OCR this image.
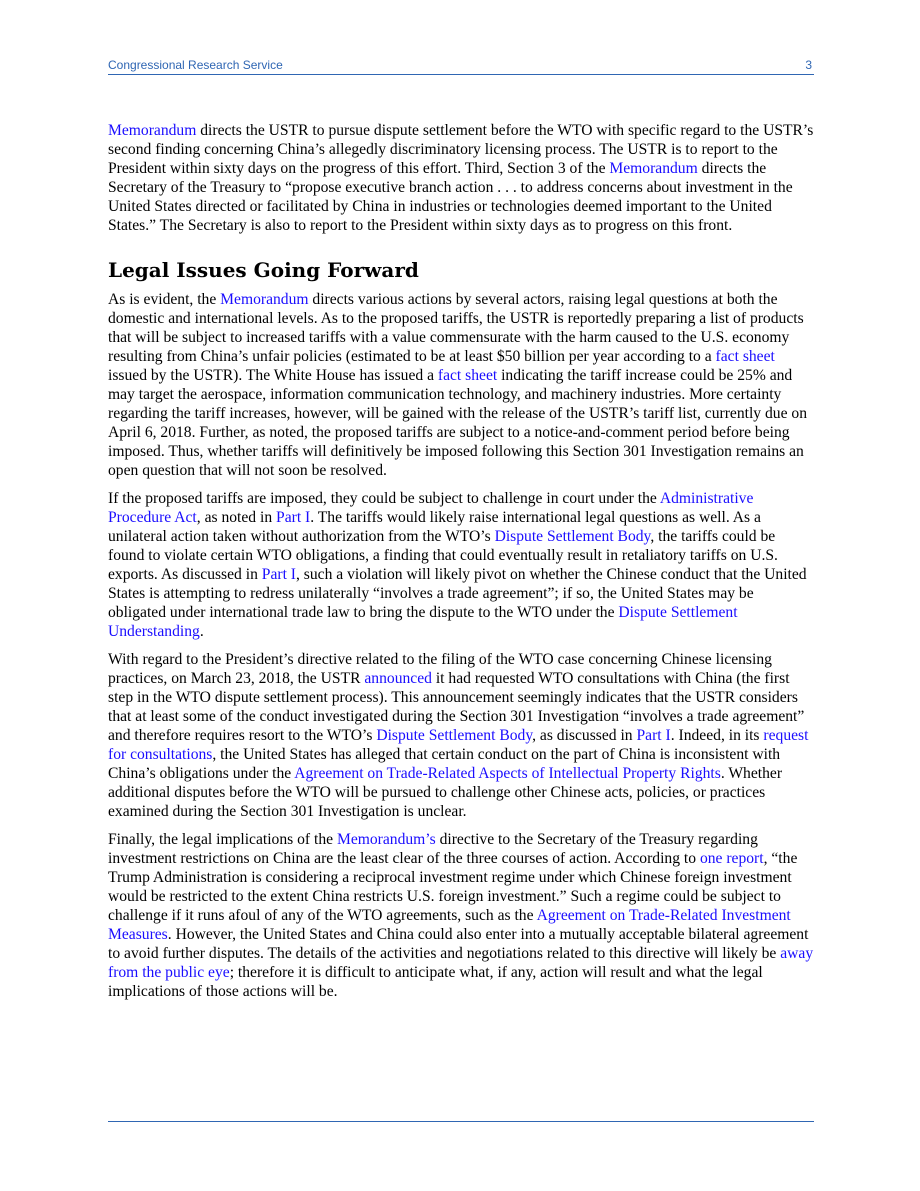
Congressional Research Service	3

Memorandum directs the USTR to pursue dispute settlement before the WTO with specific regard to the USTR’s second finding concerning China’s allegedly discriminatory licensing process. The USTR is to report to the President within sixty days on the progress of this effort. Third, Section 3 of the Memorandum directs the Secretary of the Treasury to “propose executive branch action . . . to address concerns about investment in the United States directed or facilitated by China in industries or technologies deemed important to the United States.” The Secretary is also to report to the President within sixty days as to progress on this front.

Legal Issues Going Forward

As is evident, the Memorandum directs various actions by several actors, raising legal questions at both the domestic and international levels. As to the proposed tariffs, the USTR is reportedly preparing a list of products that will be subject to increased tariffs with a value commensurate with the harm caused to the U.S. economy resulting from China’s unfair policies (estimated to be at least $50 billion per year according to a fact sheet issued by the USTR). The White House has issued a fact sheet indicating the tariff increase could be 25% and may target the aerospace, information communication technology, and machinery industries. More certainty regarding the tariff increases, however, will be gained with the release of the USTR’s tariff list, currently due on April 6, 2018. Further, as noted, the proposed tariffs are subject to a notice-and-comment period before being imposed. Thus, whether tariffs will definitively be imposed following this Section 301 Investigation remains an open question that will not soon be resolved.

If the proposed tariffs are imposed, they could be subject to challenge in court under the Administrative Procedure Act, as noted in Part I. The tariffs would likely raise international legal questions as well. As a unilateral action taken without authorization from the WTO’s Dispute Settlement Body, the tariffs could be found to violate certain WTO obligations, a finding that could eventually result in retaliatory tariffs on U.S. exports. As discussed in Part I, such a violation will likely pivot on whether the Chinese conduct that the United States is attempting to redress unilaterally “involves a trade agreement”; if so, the United States may be obligated under international trade law to bring the dispute to the WTO under the Dispute Settlement Understanding.

With regard to the President’s directive related to the filing of the WTO case concerning Chinese licensing practices, on March 23, 2018, the USTR announced it had requested WTO consultations with China (the first step in the WTO dispute settlement process). This announcement seemingly indicates that the USTR considers that at least some of the conduct investigated during the Section 301 Investigation “involves a trade agreement” and therefore requires resort to the WTO’s Dispute Settlement Body, as discussed in Part I. Indeed, in its request for consultations, the United States has alleged that certain conduct on the part of China is inconsistent with China’s obligations under the Agreement on Trade-Related Aspects of Intellectual Property Rights. Whether additional disputes before the WTO will be pursued to challenge other Chinese acts, policies, or practices examined during the Section 301 Investigation is unclear.

Finally, the legal implications of the Memorandum’s directive to the Secretary of the Treasury regarding investment restrictions on China are the least clear of the three courses of action. According to one report, “the Trump Administration is considering a reciprocal investment regime under which Chinese foreign investment would be restricted to the extent China restricts U.S. foreign investment.” Such a regime could be subject to challenge if it runs afoul of any of the WTO agreements, such as the Agreement on Trade-Related Investment Measures. However, the United States and China could also enter into a mutually acceptable bilateral agreement to avoid further disputes. The details of the activities and negotiations related to this directive will likely be away from the public eye; therefore it is difficult to anticipate what, if any, action will result and what the legal implications of those actions will be.
